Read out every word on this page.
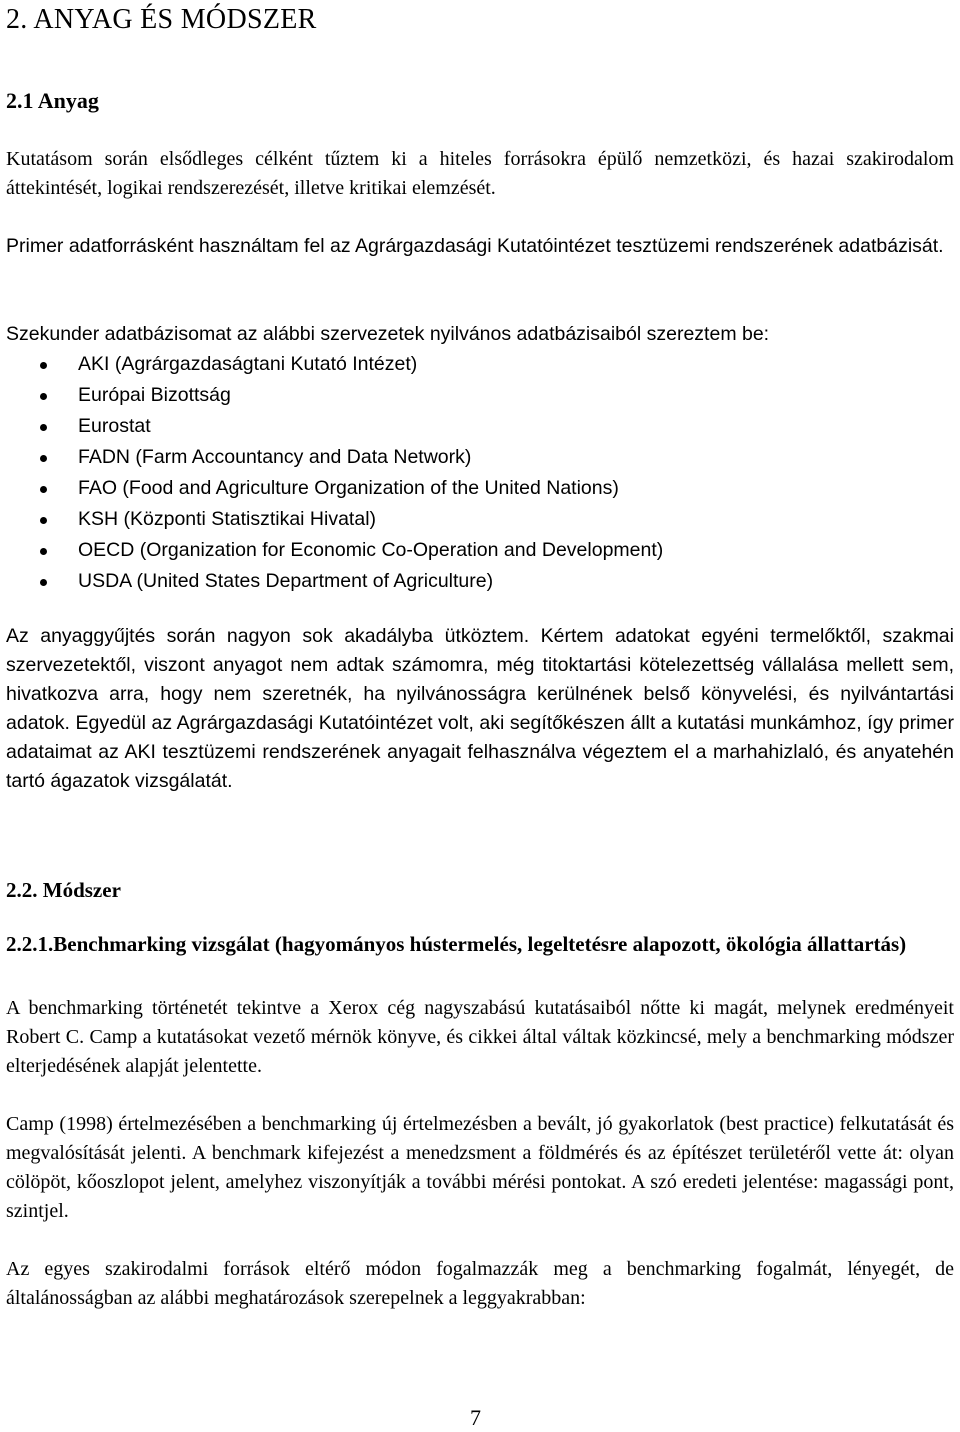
2. ANYAG ÉS MÓDSZER
2.1 Anyag
Kutatásom során elsődleges célként tűztem ki a hiteles forrásokra épülő nemzetközi, és hazai szakirodalom áttekintését, logikai rendszerezését, illetve kritikai elemzését.
Primer adatforrásként használtam fel az Agrárgazdasági Kutatóintézet tesztüzemi rendszerének adatbázisát.
Szekunder adatbázisomat az alábbi szervezetek nyilvános adatbázisaiból szereztem be:
AKI (Agrárgazdaságtani Kutató Intézet)
Európai Bizottság
Eurostat
FADN (Farm Accountancy and Data Network)
FAO (Food and Agriculture Organization of the United Nations)
KSH (Központi Statisztikai Hivatal)
OECD (Organization for Economic Co-Operation and Development)
USDA (United States Department of Agriculture)
Az anyaggyűjtés során nagyon sok akadályba ütköztem. Kértem adatokat egyéni termelőktől, szakmai szervezetektől, viszont anyagot nem adtak számomra, még titoktartási kötelezettség vállalása mellett sem, hivatkozva arra, hogy nem szeretnék, ha nyilvánosságra kerülnének belső könyvelési, és nyilvántartási adatok. Egyedül az Agrárgazdasági Kutatóintézet volt, aki segítőkészen állt a kutatási munkámhoz, így primer adataimat az AKI tesztüzemi rendszerének anyagait felhasználva végeztem el a marhahizlaló, és anyatehén tartó ágazatok vizsgálatát.
2.2. Módszer
2.2.1.Benchmarking vizsgálat (hagyományos hústermelés, legeltetésre alapozott, ökológia állattartás)
A benchmarking történetét tekintve a Xerox cég nagyszabású kutatásaiból nőtte ki magát, melynek eredményeit Robert C. Camp a kutatásokat vezető mérnök könyve, és cikkei által váltak közkincsé, mely a benchmarking módszer elterjedésének alapját jelentette.
Camp (1998) értelmezésében a benchmarking új értelmezésben a bevált, jó gyakorlatok (best practice) felkutatását és megvalósítását jelenti. A benchmark kifejezést a menedzsment a földmérés és az építészet területéről vette át: olyan cölöpöt, kőoszlopot jelent, amelyhez viszonyítják a további mérési pontokat. A szó eredeti jelentése: magassági pont, szintjel.
Az egyes szakirodalmi források eltérő módon fogalmazzák meg a benchmarking fogalmát, lényegét, de általánosságban az alábbi meghatározások szerepelnek a leggyakrabban:
7
